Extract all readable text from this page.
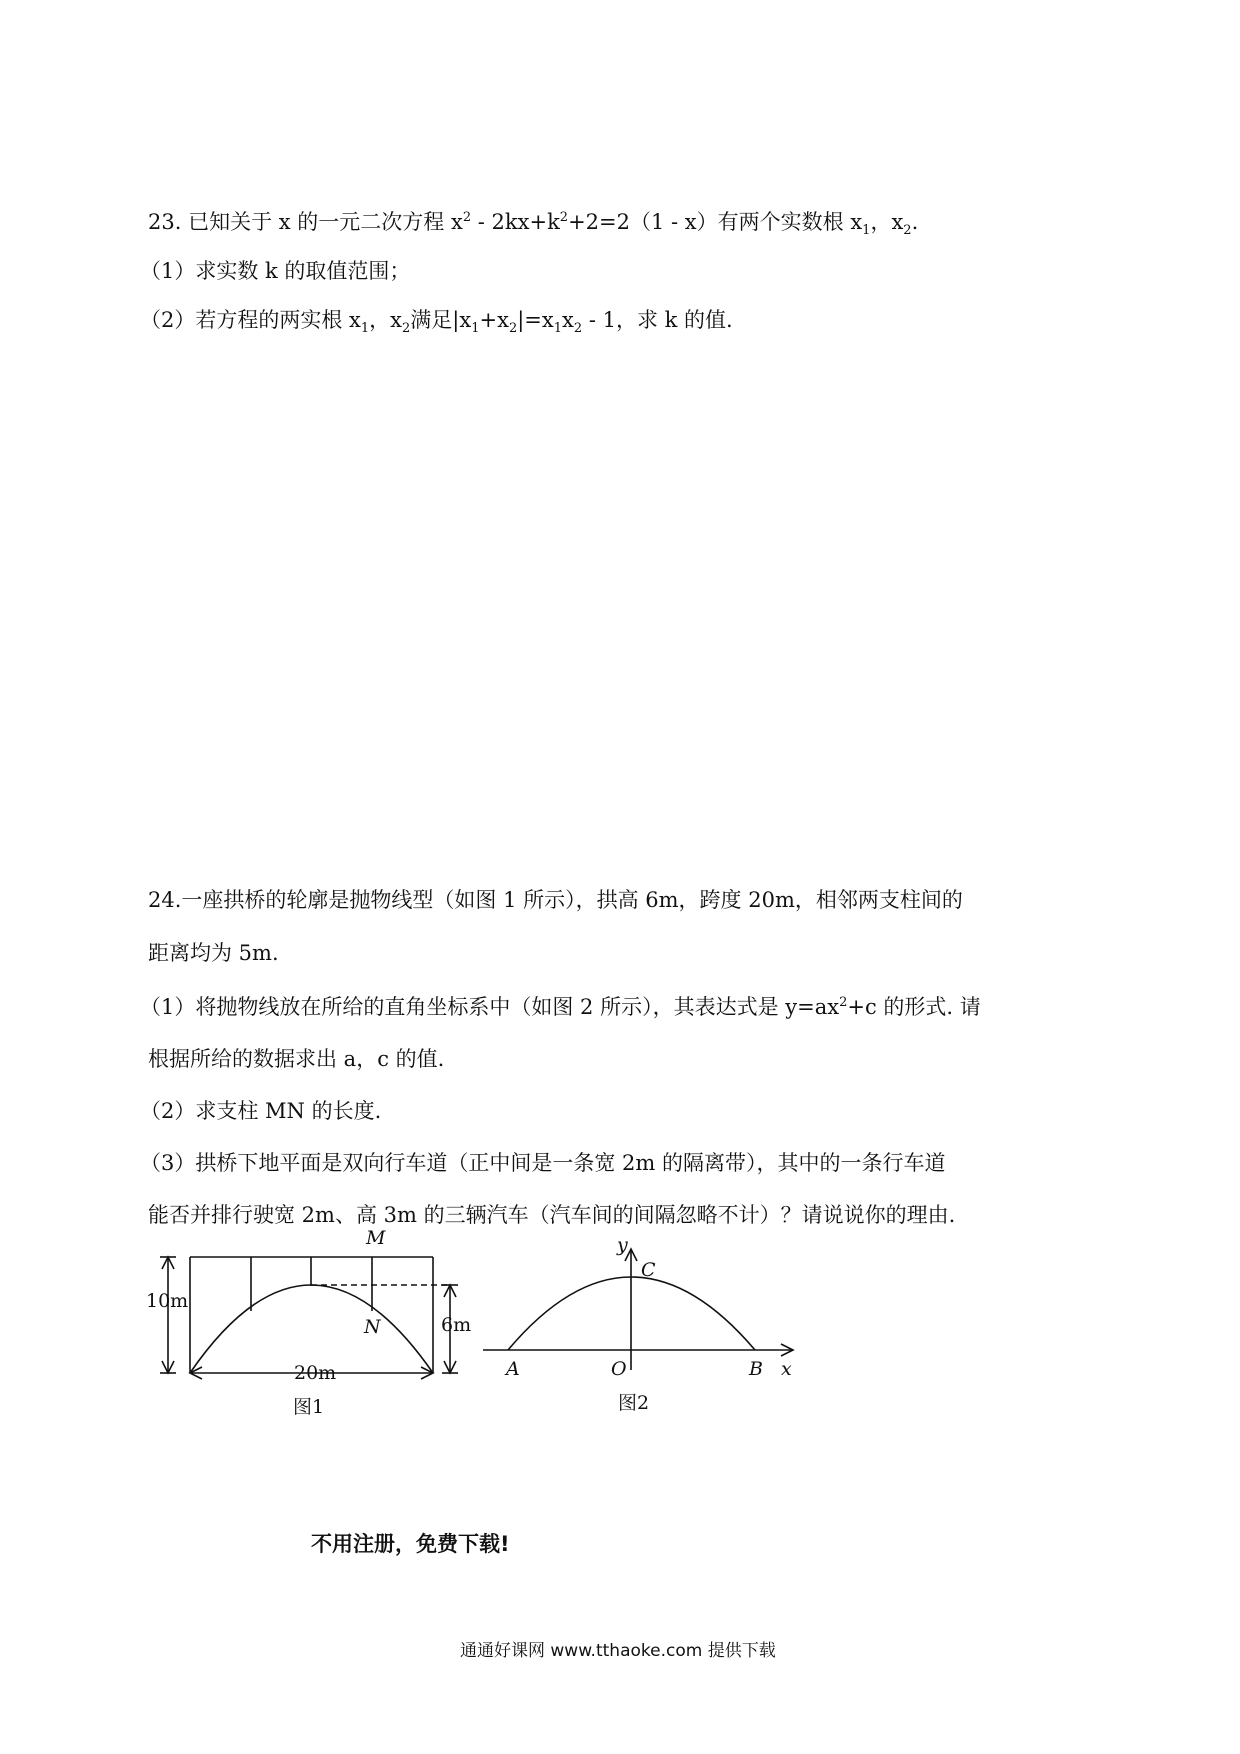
23. 已知关于 x 的一元二次方程 $x^2 - 2kx+k^2+2=2(1 - x)$有两个实数根 $x_1$，$x_2$.
（1）求实数 k 的取值范围；
（2）若方程的两实根 $x_1$，$x_2$满足$|x_1+x_2|=x_1x_2 - 1$，求 k 的值.
24.一座拱桥的轮廓是抛物线型（如图 1 所示），拱高 6m，跨度 20m，相邻两支柱间的
距离均为 5m.
（1）将抛物线放在所给的直角坐标系中（如图 2 所示），其表达式是 $y=ax^2+c$ 的形式. 请
根据所给的数据求出 a，c 的值.
（2）求支柱 MN 的长度.
（3）拱桥下地平面是双向行车道（正中间是一条宽 2m 的隔离带），其中的一条行车道
能否并排行驶宽 2m、高 3m 的三辆汽车（汽车间的间隔忽略不计）？请说说你的理由.
M
N
10m
6m
20m
图1
y
C
A	O	B x
图2
不用注册，免费下载!
通通好课网 www.tthaoke.com 提供下载
